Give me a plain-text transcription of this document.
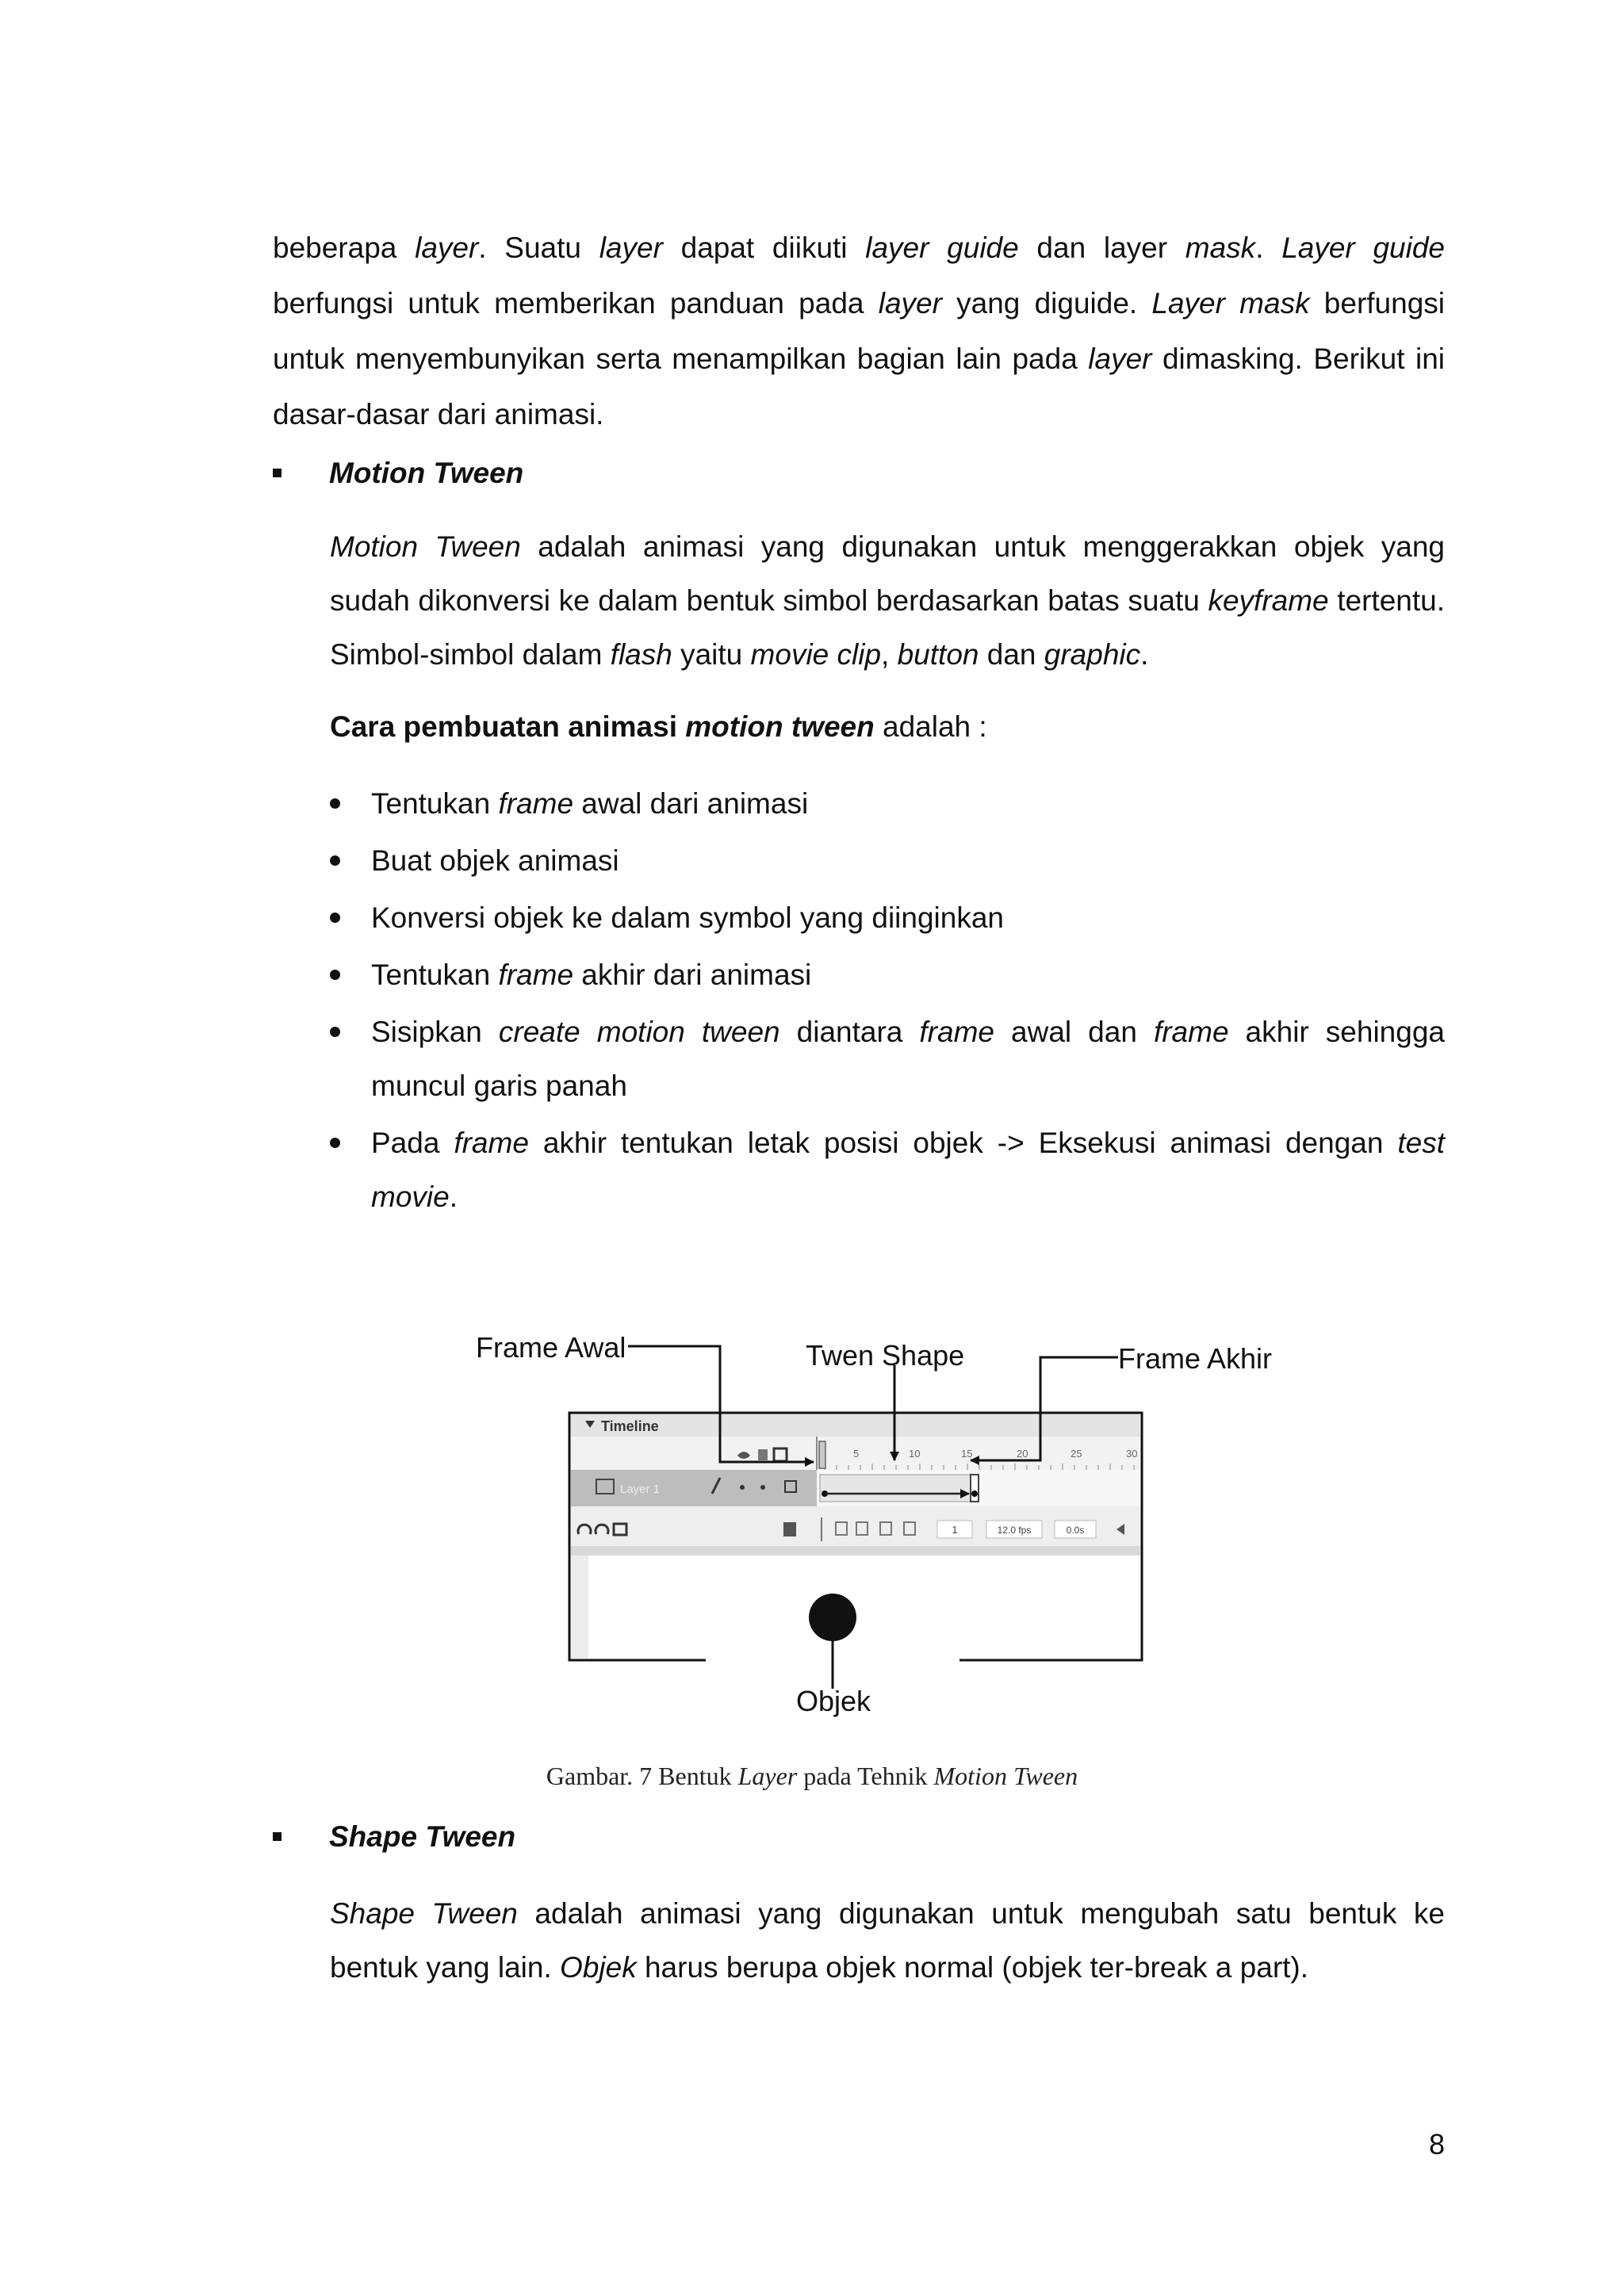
beberapa layer. Suatu layer dapat diikuti layer guide dan layer mask. Layer guide berfungsi untuk memberikan panduan pada layer yang diguide. Layer mask berfungsi untuk menyembunyikan serta menampilkan bagian lain pada layer dimasking. Berikut ini dasar-dasar dari animasi.

Motion Tween

Motion Tween adalah animasi yang digunakan untuk menggerakkan objek yang sudah dikonversi ke dalam bentuk simbol berdasarkan batas suatu keyframe tertentu. Simbol-simbol dalam flash yaitu movie clip, button dan graphic.

Cara pembuatan animasi motion tween adalah :
Tentukan frame awal dari animasi
Buat objek animasi
Konversi objek ke dalam symbol yang diinginkan
Tentukan frame akhir dari animasi
Sisipkan create motion tween diantara frame awal dan frame akhir sehingga muncul garis panah
Pada frame akhir tentukan letak posisi objek -> Eksekusi animasi dengan test movie.
Timeline
5	10	15	20	25	30
Layer 1
1	12.0 fps	0.0s
Frame Awal	Twen Shape	Frame Akhir
Objek
Gambar. 7 Bentuk Layer pada Tehnik Motion Tween
Shape Tween

Shape Tween adalah animasi yang digunakan untuk mengubah satu bentuk ke bentuk yang lain. Objek harus berupa objek normal (objek ter-break a part).

8
